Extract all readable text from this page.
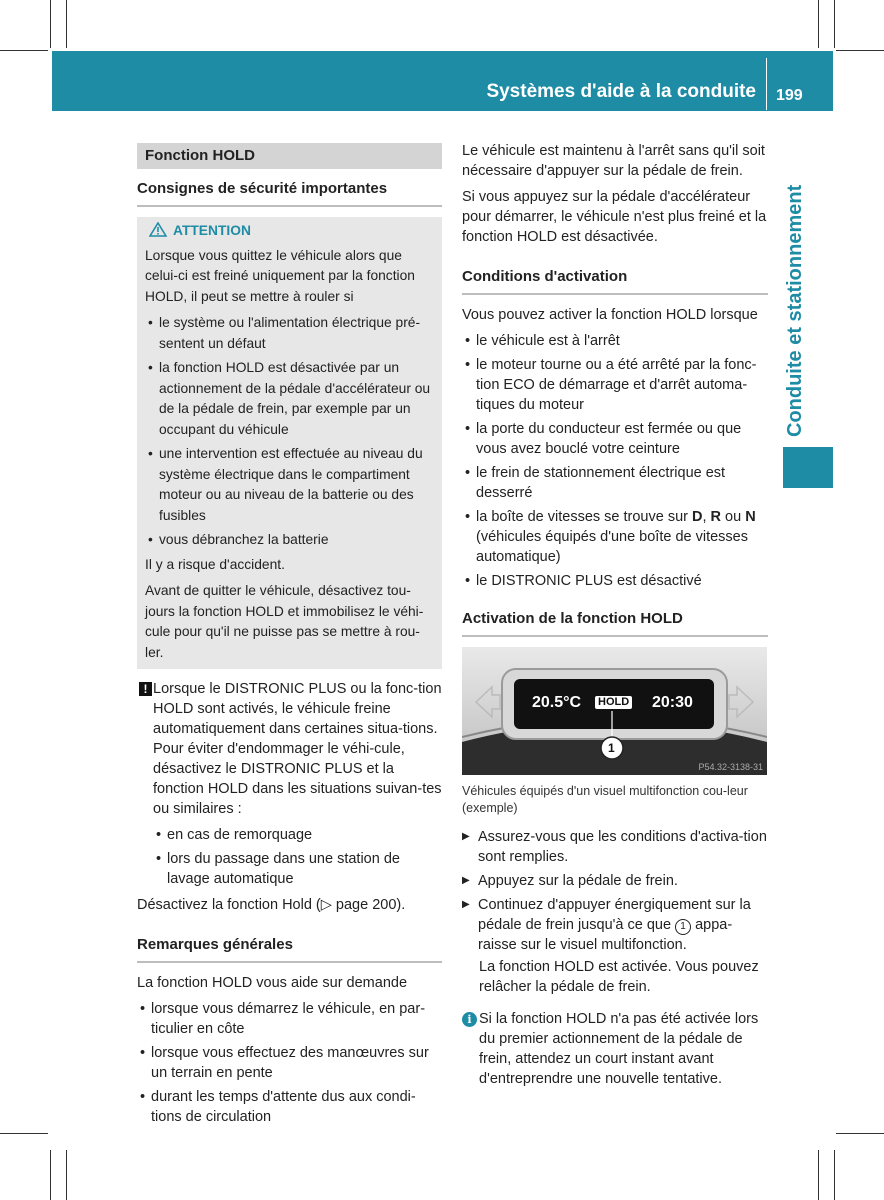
Systèmes d'aide à la conduite 199
Conduite et stationnement
Fonction HOLD
Consignes de sécurité importantes
ATTENTION

Lorsque vous quittez le véhicule alors que celui-ci est freiné uniquement par la fonction HOLD, il peut se mettre à rouler si

• le système ou l'alimentation électrique pré-sentent un défaut
• la fonction HOLD est désactivée par un actionnement de la pédale d'accélérateur ou de la pédale de frein, par exemple par un occupant du véhicule
• une intervention est effectuée au niveau du système électrique dans le compartiment moteur ou au niveau de la batterie ou des fusibles
• vous débranchez la batterie

Il y a risque d'accident.

Avant de quitter le véhicule, désactivez tou-jours la fonction HOLD et immobilisez le véhi-cule pour qu'il ne puisse pas se mettre à rou-ler.

! Lorsque le DISTRONIC PLUS ou la fonc-tion HOLD sont activés, le véhicule freine automatiquement dans certaines situa-tions. Pour éviter d'endommager le véhi-cule, désactivez le DISTRONIC PLUS et la fonction HOLD dans les situations suivan-tes ou similaires :
• en cas de remorquage
• lors du passage dans une station de lavage automatique

Désactivez la fonction Hold (▷ page 200).

Remarques générales

La fonction HOLD vous aide sur demande

• lorsque vous démarrez le véhicule, en par-ticulier en côte
• lorsque vous effectuez des manœuvres sur un terrain en pente
• durant les temps d'attente dus aux condi-tions de circulation

Le véhicule est maintenu à l'arrêt sans qu'il soit nécessaire d'appuyer sur la pédale de frein.

Si vous appuyez sur la pédale d'accélérateur pour démarrer, le véhicule n'est plus freiné et la fonction HOLD est désactivée.

Conditions d'activation

Vous pouvez activer la fonction HOLD lorsque

• le véhicule est à l'arrêt
• le moteur tourne ou a été arrêté par la fonc-tion ECO de démarrage et d'arrêt automa-tiques du moteur
• la porte du conducteur est fermée ou que vous avez bouclé votre ceinture
• le frein de stationnement électrique est desserré
• la boîte de vitesses se trouve sur D, R ou N (véhicules équipés d'une boîte de vitesses automatique)
• le DISTRONIC PLUS est désactivé
Activation de la fonction HOLD
20.5°C HOLD 20:30
1
P54.32-3138-31
Véhicules équipés d'un visuel multifonction cou-leur (exemple)
▶ Assurez-vous que les conditions d'activa-tion sont remplies.
▶ Appuyez sur la pédale de frein.
▶ Continuez d'appuyer énergiquement sur la pédale de frein jusqu'à ce que 1 appa-raisse sur le visuel multifonction.

La fonction HOLD est activée. Vous pouvez relâcher la pédale de frein.

i Si la fonction HOLD n'a pas été activée lors du premier actionnement de la pédale de frein, attendez un court instant avant d'entreprendre une nouvelle tentative.
